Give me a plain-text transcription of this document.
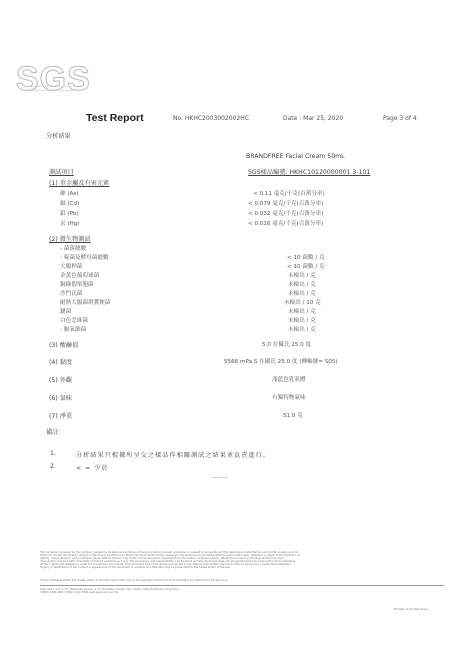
SGS
Test Report	No. HKHC2003002002HC	Date : Mar 25, 2020	Page 3 of 4
分析結果
BRANDFREE Facial Cream 50mL
SGS樣品編號: HKHC10120000001 3-101
測試項目
(1) 重金屬及有害元素
砷 (As)	< 0.11 毫克/千克(百萬分率)
鎘 (Cd)	< 0.079 毫克/千克(百萬分率)
鉛 (Pb)	< 0.032 毫克/千克(百萬分率)
汞 (Hg)	< 0.016 毫克/千克(百萬分率)
(2) 微生物測試
- 菌落總數
- 霉菌及酵母菌總數	< 10 菌數 / 克
大腸桿菌	< 10 菌數 / 克
金黃色葡萄球菌	未檢出 / 克
銅綠假單胞菌	未檢出 / 克
沙門氏菌	未檢出 / 克
耐熱大腸菌群糞便菌	未檢出 / 10 克
鏈菌	未檢出 / 克
白色念珠菌	未檢出 / 克
- 厭氧細菌	未檢出 / 克
(3) 酸鹼值	5.0 在攝氏 25.0 度
(4) 黏度	5566 mPa.S 在攝氏 25.0 度 (轉軸號= S05)
(5) 外觀	淺藍色乳狀體
(6) 氣味	有獨特物氣味
(7) 淨重	51.0 克
備註：
1.	分析結果只根據所呈交之樣品作相關測試之結果並負責進行。
2.	< = 少於
*** *** ***
This document is issued by the Company subject to its General Conditions of Service printed overleaf, available on request or accessible at http://www.sgs.com/en/Terms-and-Conditions.aspx and, for
electronic format documents, subject to Terms and Conditions for Electronic Documents at http://www.sgs.com/en/Terms-and-Conditions/Terms-e-Document.aspx. Attention is drawn to the limitation of
liability, indemnification and jurisdiction issues defined therein. Any holder of this document is advised that information contained hereon reflects the Company's findings at the time of its
intervention only and within the limits of Client's instructions, if any. The Company's sole responsibility is to its Client and this document does not exonerate parties to a transaction from exercising
all their rights and obligations under the transaction documents. This document cannot be reproduced except in full, without prior written approval of the Company. Any unauthorized alteration,
forgery or falsification of the content or appearance of this document is unlawful and offenders may be prosecuted to the fullest extent of the law.
Unless otherwise stated the results shown in this test report refer only to the sample(s) tested and such sample(s) are retained for 30 days only.
Laboratory: 1-2, 5-7/F, Metropole Square, 2 On Yiu Street, Siu Lek Yuen, Shatin, New Territories, Hong Kong
t (852) 2334 4481 f (852) 2144 3799 www.sgsgroup.com.hk
Member of the SGS Group
